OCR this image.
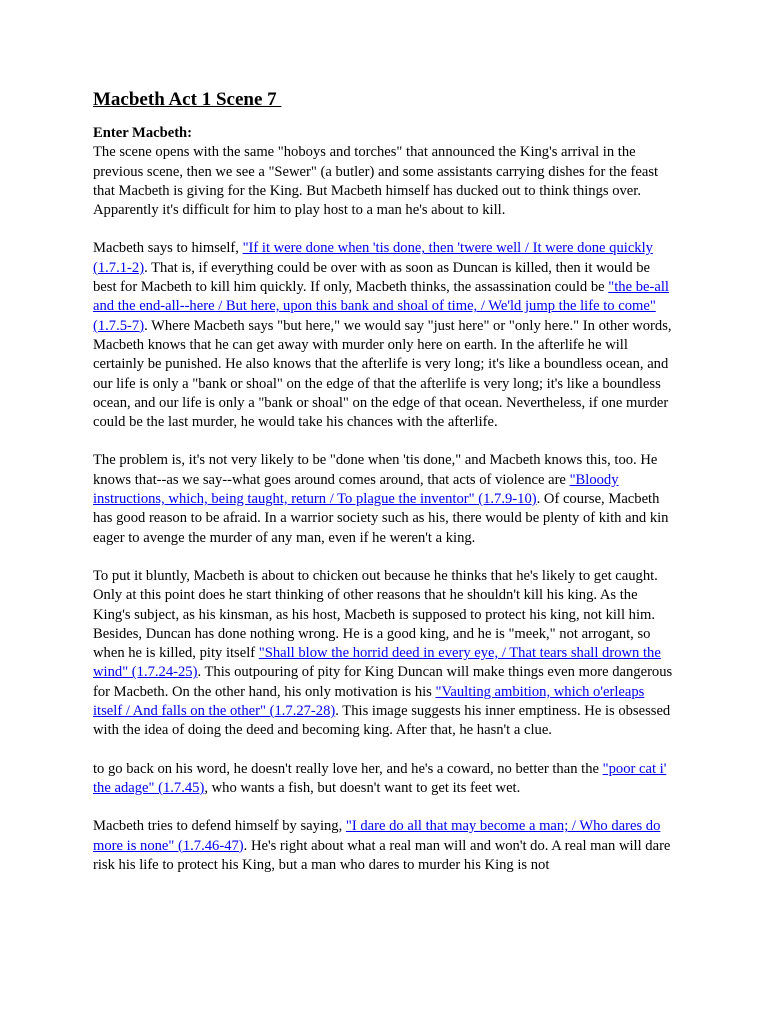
Macbeth Act 1 Scene 7

Enter Macbeth:
The scene opens with the same "hoboys and torches" that announced the King's arrival in the previous scene, then we see a "Sewer" (a butler) and some assistants carrying dishes for the feast that Macbeth is giving for the King. But Macbeth himself has ducked out to think things over. Apparently it's difficult for him to play host to a man he's about to kill.

Macbeth says to himself, "If it were done when 'tis done, then 'twere well / It were done quickly (1.7.1-2). That is, if everything could be over with as soon as Duncan is killed, then it would be best for Macbeth to kill him quickly. If only, Macbeth thinks, the assassination could be "the be-all and the end-all--here / But here, upon this bank and shoal of time, / We'ld jump the life to come" (1.7.5-7). Where Macbeth says "but here," we would say "just here" or "only here." In other words, Macbeth knows that he can get away with murder only here on earth. In the afterlife he will certainly be punished. He also knows that the afterlife is very long; it's like a boundless ocean, and our life is only a "bank or shoal" on the edge of that the afterlife is very long; it's like a boundless ocean, and our life is only a "bank or shoal" on the edge of that ocean. Nevertheless, if one murder could be the last murder, he would take his chances with the afterlife.

The problem is, it's not very likely to be "done when 'tis done," and Macbeth knows this, too. He knows that--as we say--what goes around comes around, that acts of violence are "Bloody instructions, which, being taught, return / To plague the inventor" (1.7.9-10). Of course, Macbeth has good reason to be afraid. In a warrior society such as his, there would be plenty of kith and kin eager to avenge the murder of any man, even if he weren't a king.

To put it bluntly, Macbeth is about to chicken out because he thinks that he's likely to get caught. Only at this point does he start thinking of other reasons that he shouldn't kill his king. As the King's subject, as his kinsman, as his host, Macbeth is supposed to protect his king, not kill him. Besides, Duncan has done nothing wrong. He is a good king, and he is "meek," not arrogant, so when he is killed, pity itself "Shall blow the horrid deed in every eye, / That tears shall drown the wind" (1.7.24-25). This outpouring of pity for King Duncan will make things even more dangerous for Macbeth. On the other hand, his only motivation is his "Vaulting ambition, which o'erleaps itself / And falls on the other" (1.7.27-28). This image suggests his inner emptiness. He is obsessed with the idea of doing the deed and becoming king. After that, he hasn't a clue.

to go back on his word, he doesn't really love her, and he's a coward, no better than the "poor cat i' the adage" (1.7.45), who wants a fish, but doesn't want to get its feet wet.

Macbeth tries to defend himself by saying, "I dare do all that may become a man; / Who dares do more is none" (1.7.46-47). He's right about what a real man will and won't do. A real man will dare risk his life to protect his King, but a man who dares to murder his King is not
